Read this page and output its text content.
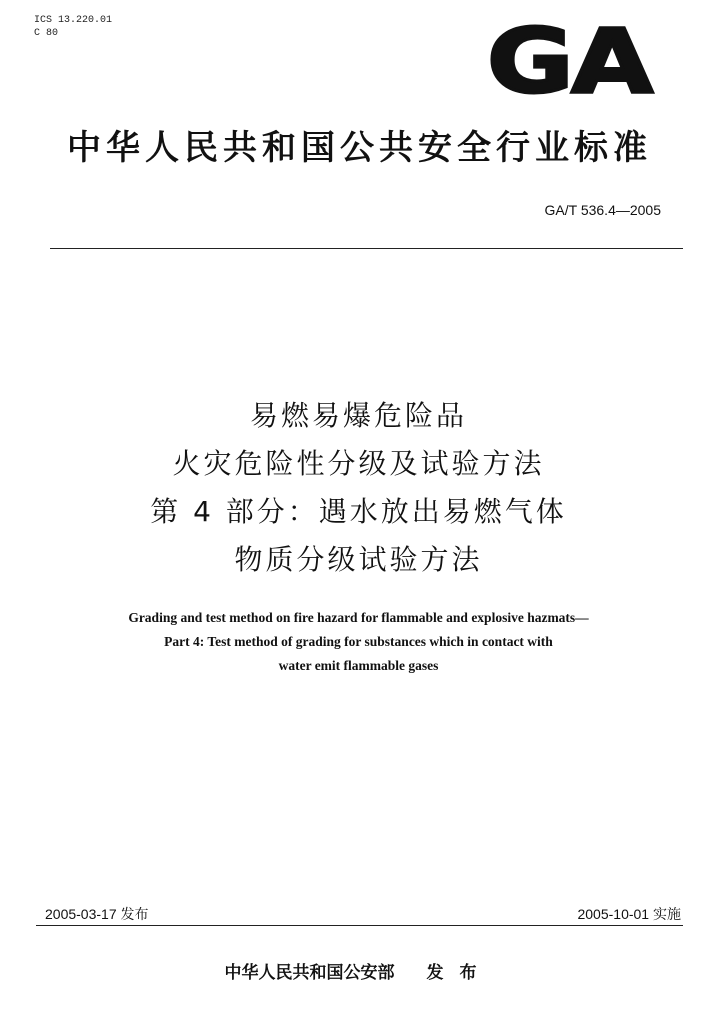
ICS 13.220.01
C 80	GA
中华人民共和国公共安全行业标准
GA/T 536.4—2005
易燃易爆危险品
火灾危险性分级及试验方法
第 4 部分：遇水放出易燃气体
物质分级试验方法
Grading and test method on fire hazard for flammable and explosive hazmats—
Part 4: Test method of grading for substances which in contact with
water emit flammable gases
2005-03-17 发布	2005-10-01 实施
中华人民共和国公安部 发布
